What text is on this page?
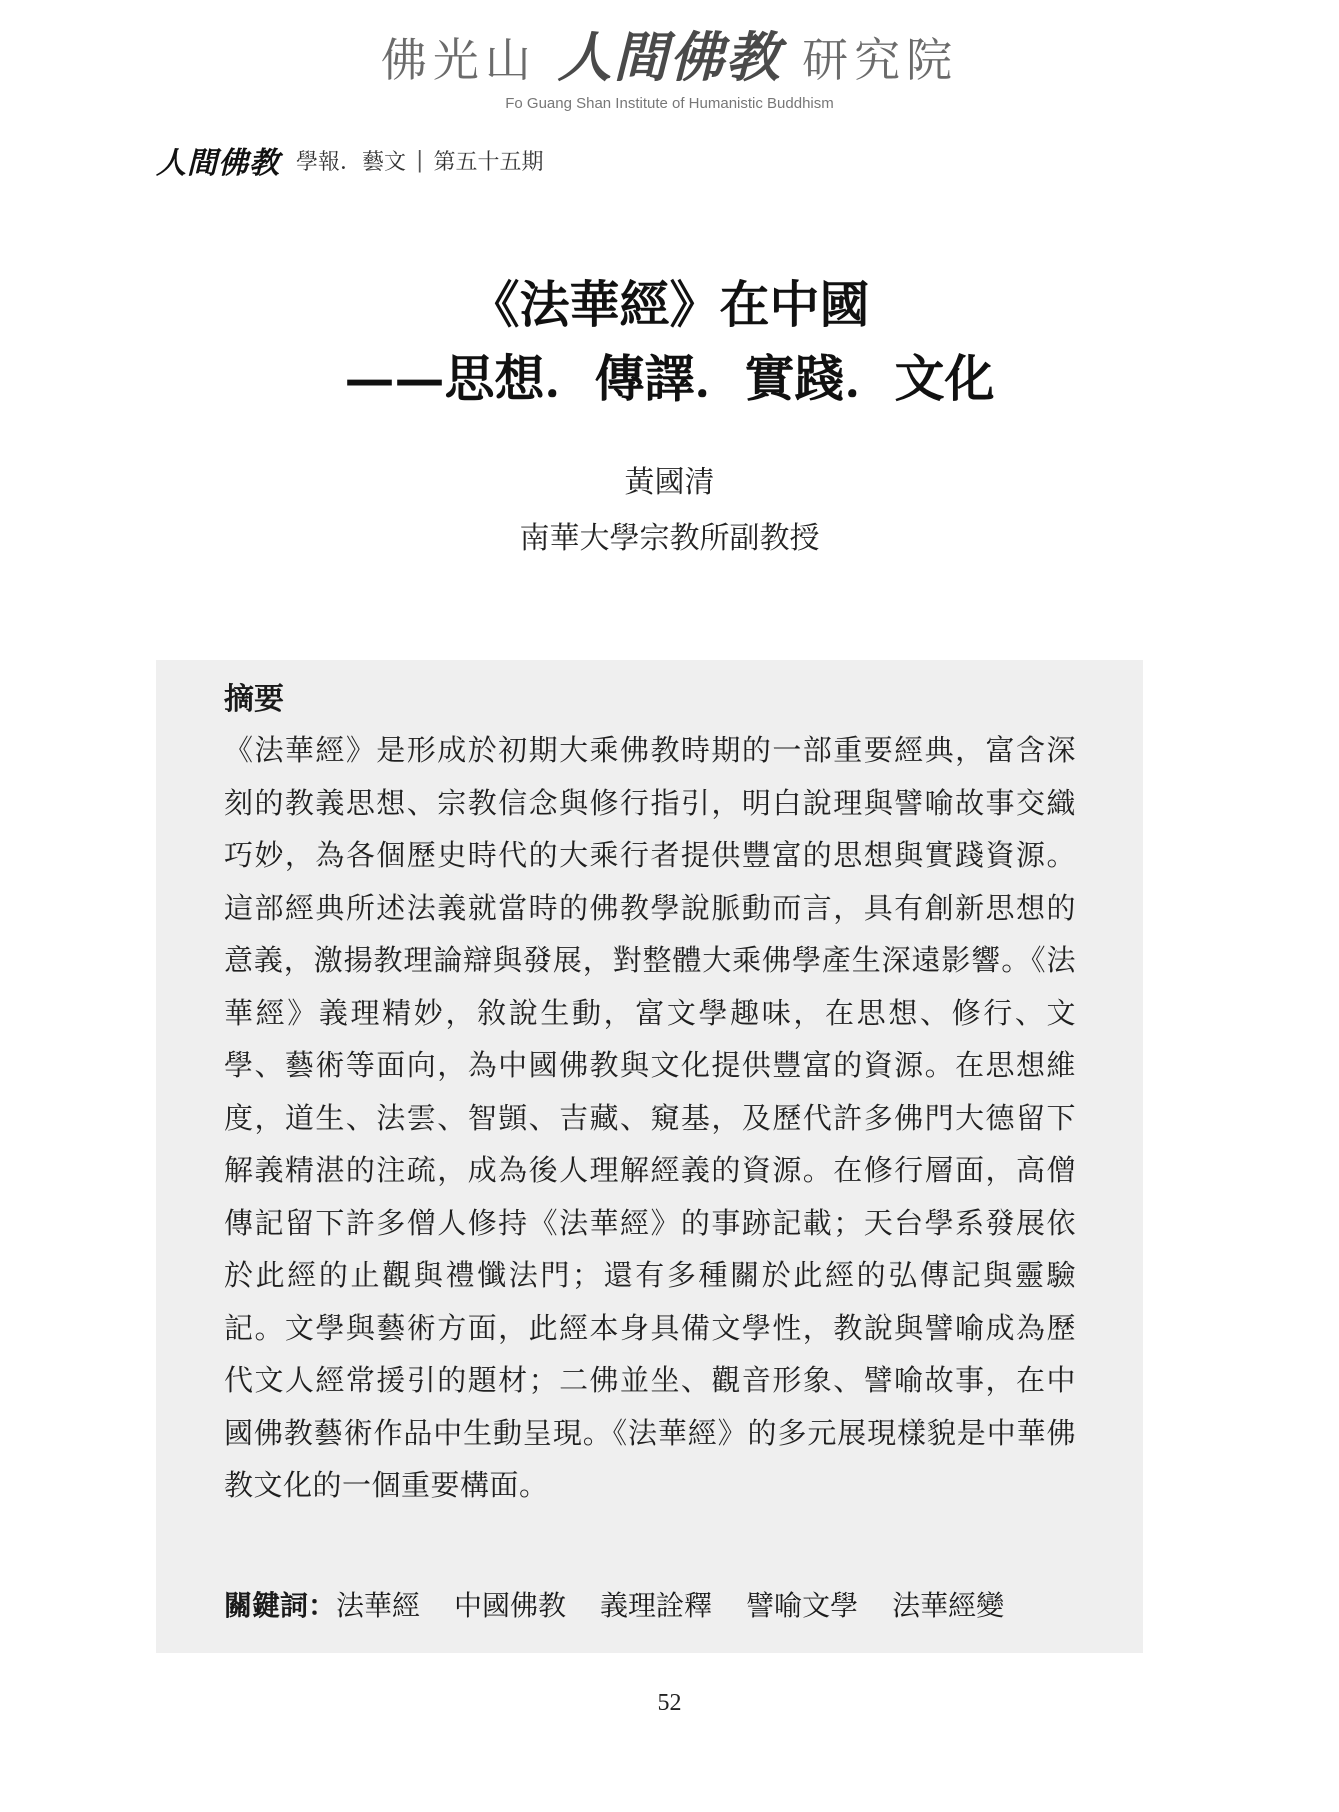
佛光山 人間佛教 研究院
Fo Guang Shan Institute of Humanistic Buddhism
人間佛教 學報．藝文 | 第五十五期
《法華經》在中國
——思想．傳譯．實踐．文化
黃國清
南華大學宗教所副教授
摘要
《法華經》是形成於初期大乘佛教時期的一部重要經典，富含深刻的教義思想、宗教信念與修行指引，明白說理與譬喻故事交織巧妙，為各個歷史時代的大乘行者提供豐富的思想與實踐資源。這部經典所述法義就當時的佛教學說脈動而言，具有創新思想的意義，激揚教理論辯與發展，對整體大乘佛學產生深遠影響。《法華經》義理精妙，敘說生動，富文學趣味，在思想、修行、文學、藝術等面向，為中國佛教與文化提供豐富的資源。在思想維度，道生、法雲、智顗、吉藏、窺基，及歷代許多佛門大德留下解義精湛的注疏，成為後人理解經義的資源。在修行層面，高僧傳記留下許多僧人修持《法華經》的事跡記載；天台學系發展依於此經的止觀與禮懺法門；還有多種關於此經的弘傳記與靈驗記。文學與藝術方面，此經本身具備文學性，教說與譬喻成為歷代文人經常援引的題材；二佛並坐、觀音形象、譬喻故事，在中國佛教藝術作品中生動呈現。《法華經》的多元展現樣貌是中華佛教文化的一個重要構面。
關鍵詞：法華經 中國佛教 義理詮釋 譬喻文學 法華經變
52
